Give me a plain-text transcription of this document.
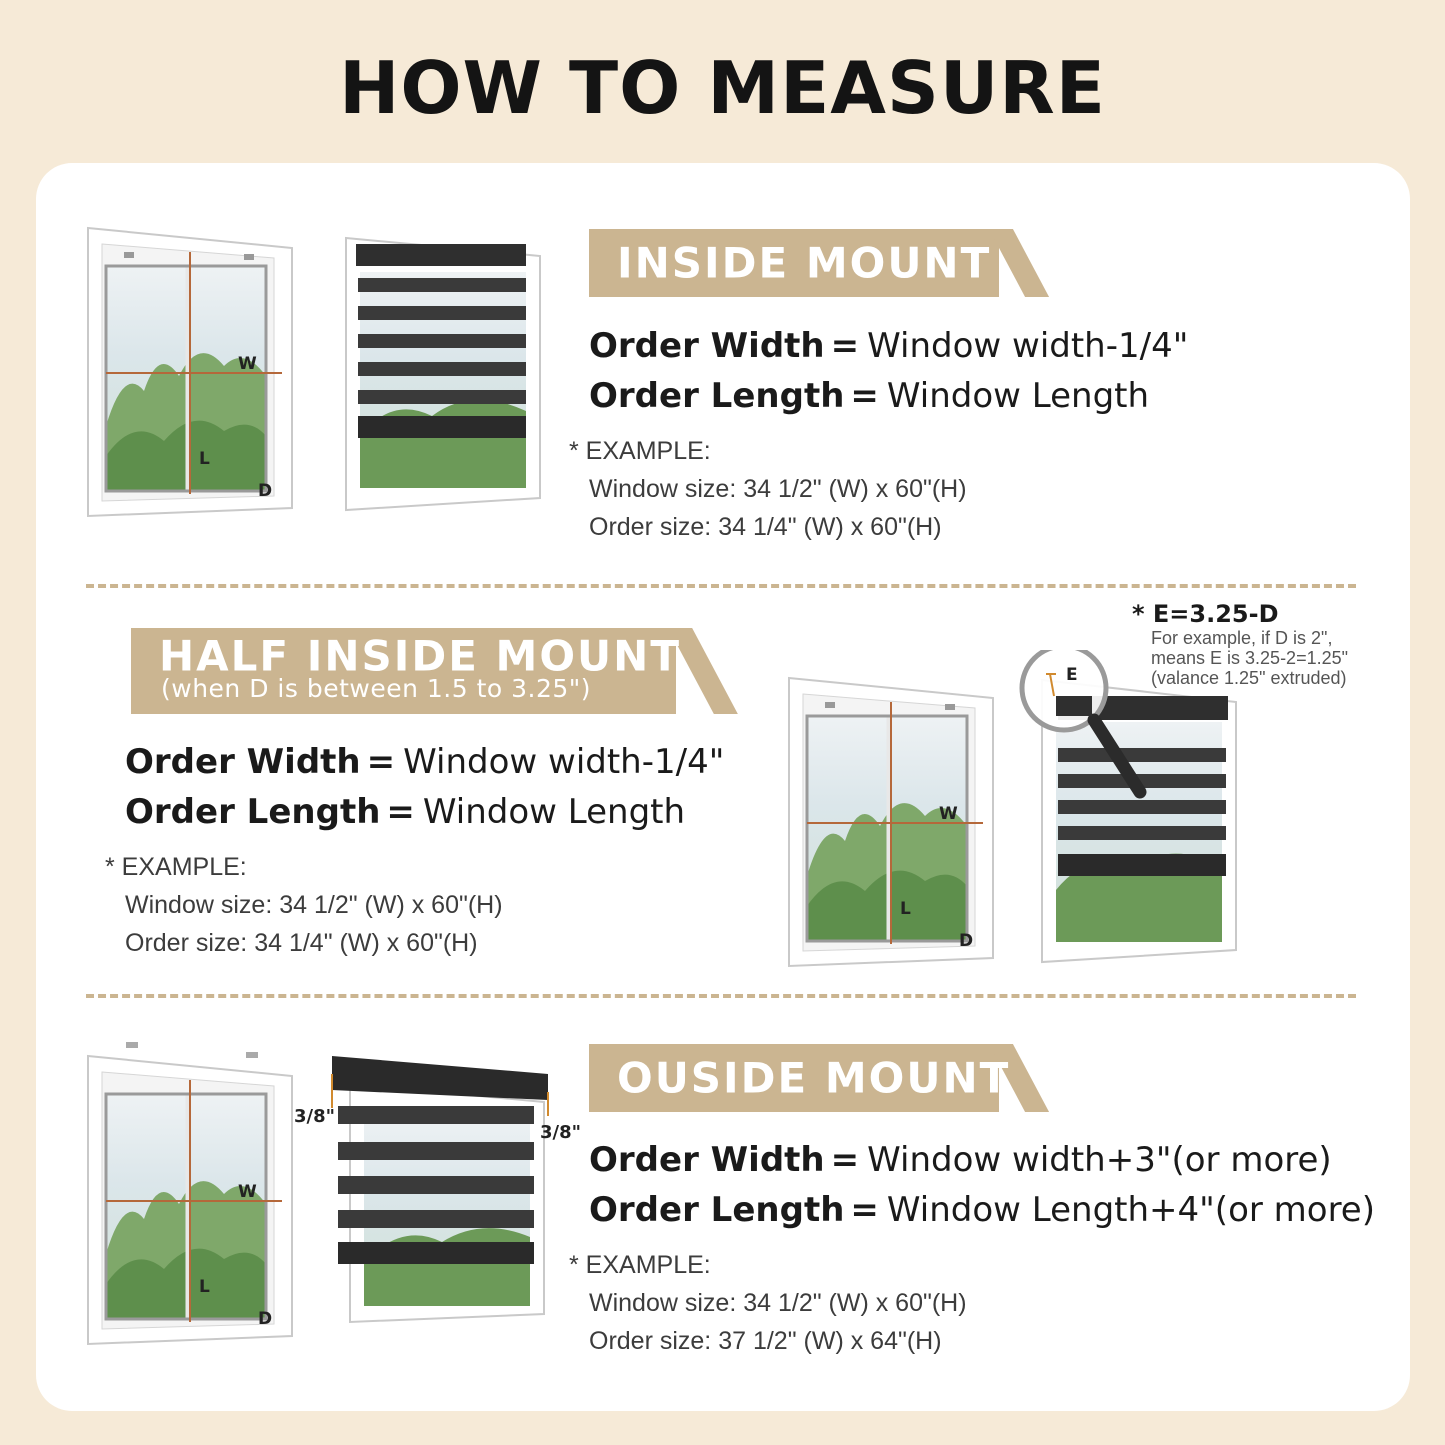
HOW TO MEASURE
W
L
D
INSIDE MOUNT
Order Width = Window width-1/4"
Order Length = Window Length
* EXAMPLE:
Window size: 34 1/2" (W) x 60"(H)
Order size: 34 1/4" (W) x 60"(H)
HALF INSIDE MOUNT
(when D is between 1.5 to 3.25")
Order Width = Window width-1/4"
Order Length = Window Length
* EXAMPLE:
Window size: 34 1/2" (W) x 60"(H)
Order size: 34 1/4" (W) x 60"(H)
W
L
D
E
* E=3.25-D
For example, if D is 2",
means E is 3.25-2=1.25"
(valance 1.25" extruded)
W
L
D
3/8"
3/8"
OUSIDE MOUNT
Order Width = Window width+3"(or more)
Order Length = Window Length+4"(or more)
* EXAMPLE:
Window size: 34 1/2" (W) x 60"(H)
Order size: 37 1/2" (W) x 64"(H)
